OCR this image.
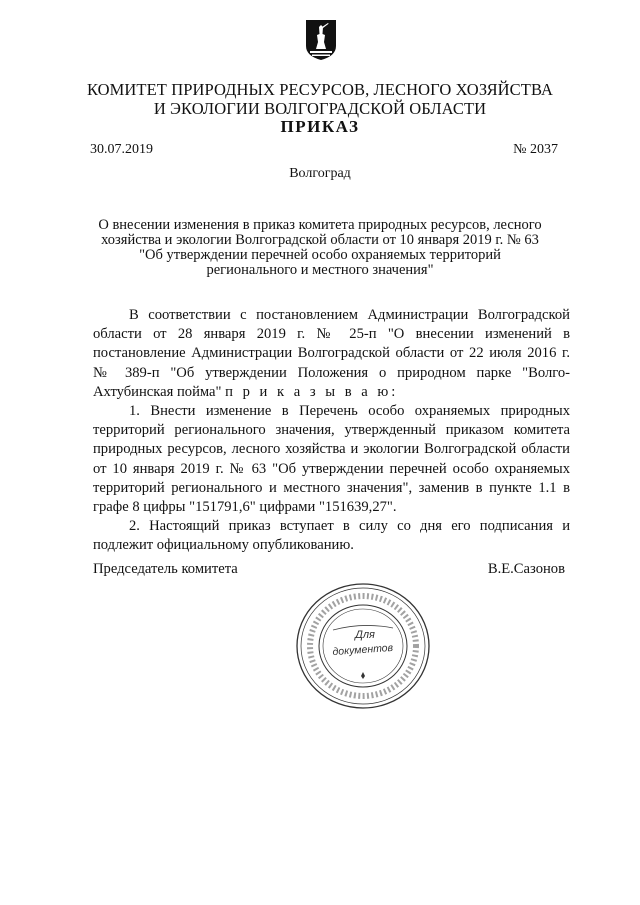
КОМИТЕТ ПРИРОДНЫХ РЕСУРСОВ, ЛЕСНОГО ХОЗЯЙСТВА
И ЭКОЛОГИИ ВОЛГОГРАДСКОЙ ОБЛАСТИ
ПРИКАЗ
30.07.2019	№ 2037
Волгоград
О внесении изменения в приказ комитета природных ресурсов, лесного
хозяйства и экологии Волгоградской области от 10 января 2019 г. № 63
"Об утверждении перечней особо охраняемых территорий
регионального и местного значения"

В соответствии с постановлением Администрации Волгоградской области от 28 января 2019 г. № 25-п "О внесении изменений в постановление Администрации Волгоградской области от 22 июля 2016 г. № 389-п "Об утверждении Положения о природном парке "Волго-Ахтубинская пойма" п р и к а з ы в а ю:

1. Внести изменение в Перечень особо охраняемых природных территорий регионального значения, утвержденный приказом комитета природных ресурсов, лесного хозяйства и экологии Волгоградской области от 10 января 2019 г. № 63 "Об утверждении перечней особо охраняемых территорий регионального и местного значения", заменив в пункте 1.1 в графе 8 цифры "151791,6" цифрами "151639,27".

2. Настоящий приказ вступает в силу со дня его подписания и подлежит официальному опубликованию.

Председатель комитета	В.Е.Сазонов
Для
документов
